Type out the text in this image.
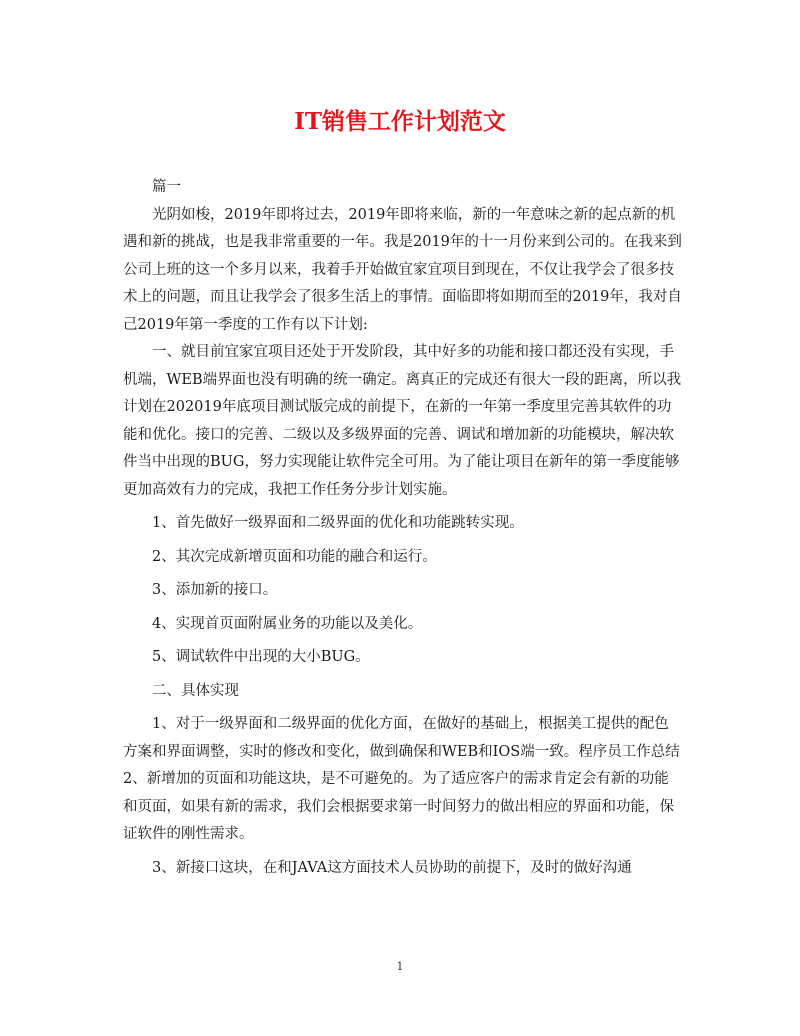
IT销售工作计划范文

篇一

光阴如梭，2019年即将过去，2019年即将来临，新的一年意味之新的起点新的机遇和新的挑战，也是我非常重要的一年。我是2019年的十一月份来到公司的。在我来到公司上班的这一个多月以来，我着手开始做宜家宜项目到现在，不仅让我学会了很多技术上的问题，而且让我学会了很多生活上的事情。面临即将如期而至的2019年，我对自己2019年第一季度的工作有以下计划:

一、就目前宜家宜项目还处于开发阶段，其中好多的功能和接口都还没有实现，手机端，WEB端界面也没有明确的统一确定。离真正的完成还有很大一段的距离，所以我计划在202019年底项目测试版完成的前提下，在新的一年第一季度里完善其软件的功能和优化。接口的完善、二级以及多级界面的完善、调试和增加新的功能模块，解决软件当中出现的BUG，努力实现能让软件完全可用。为了能让项目在新年的第一季度能够更加高效有力的完成，我把工作任务分步计划实施。

1、首先做好一级界面和二级界面的优化和功能跳转实现。

2、其次完成新增页面和功能的融合和运行。

3、添加新的接口。

4、实现首页面附属业务的功能以及美化。

5、调试软件中出现的大小BUG。

二、具体实现

1、对于一级界面和二级界面的优化方面，在做好的基础上，根据美工提供的配色方案和界面调整，实时的修改和变化，做到确保和WEB和IOS端一致。程序员工作总结2、新增加的页面和功能这块，是不可避免的。为了适应客户的需求肯定会有新的功能和页面，如果有新的需求，我们会根据要求第一时间努力的做出相应的界面和功能，保证软件的刚性需求。

3、新接口这块，在和JAVA这方面技术人员协助的前提下，及时的做好沟通

1
